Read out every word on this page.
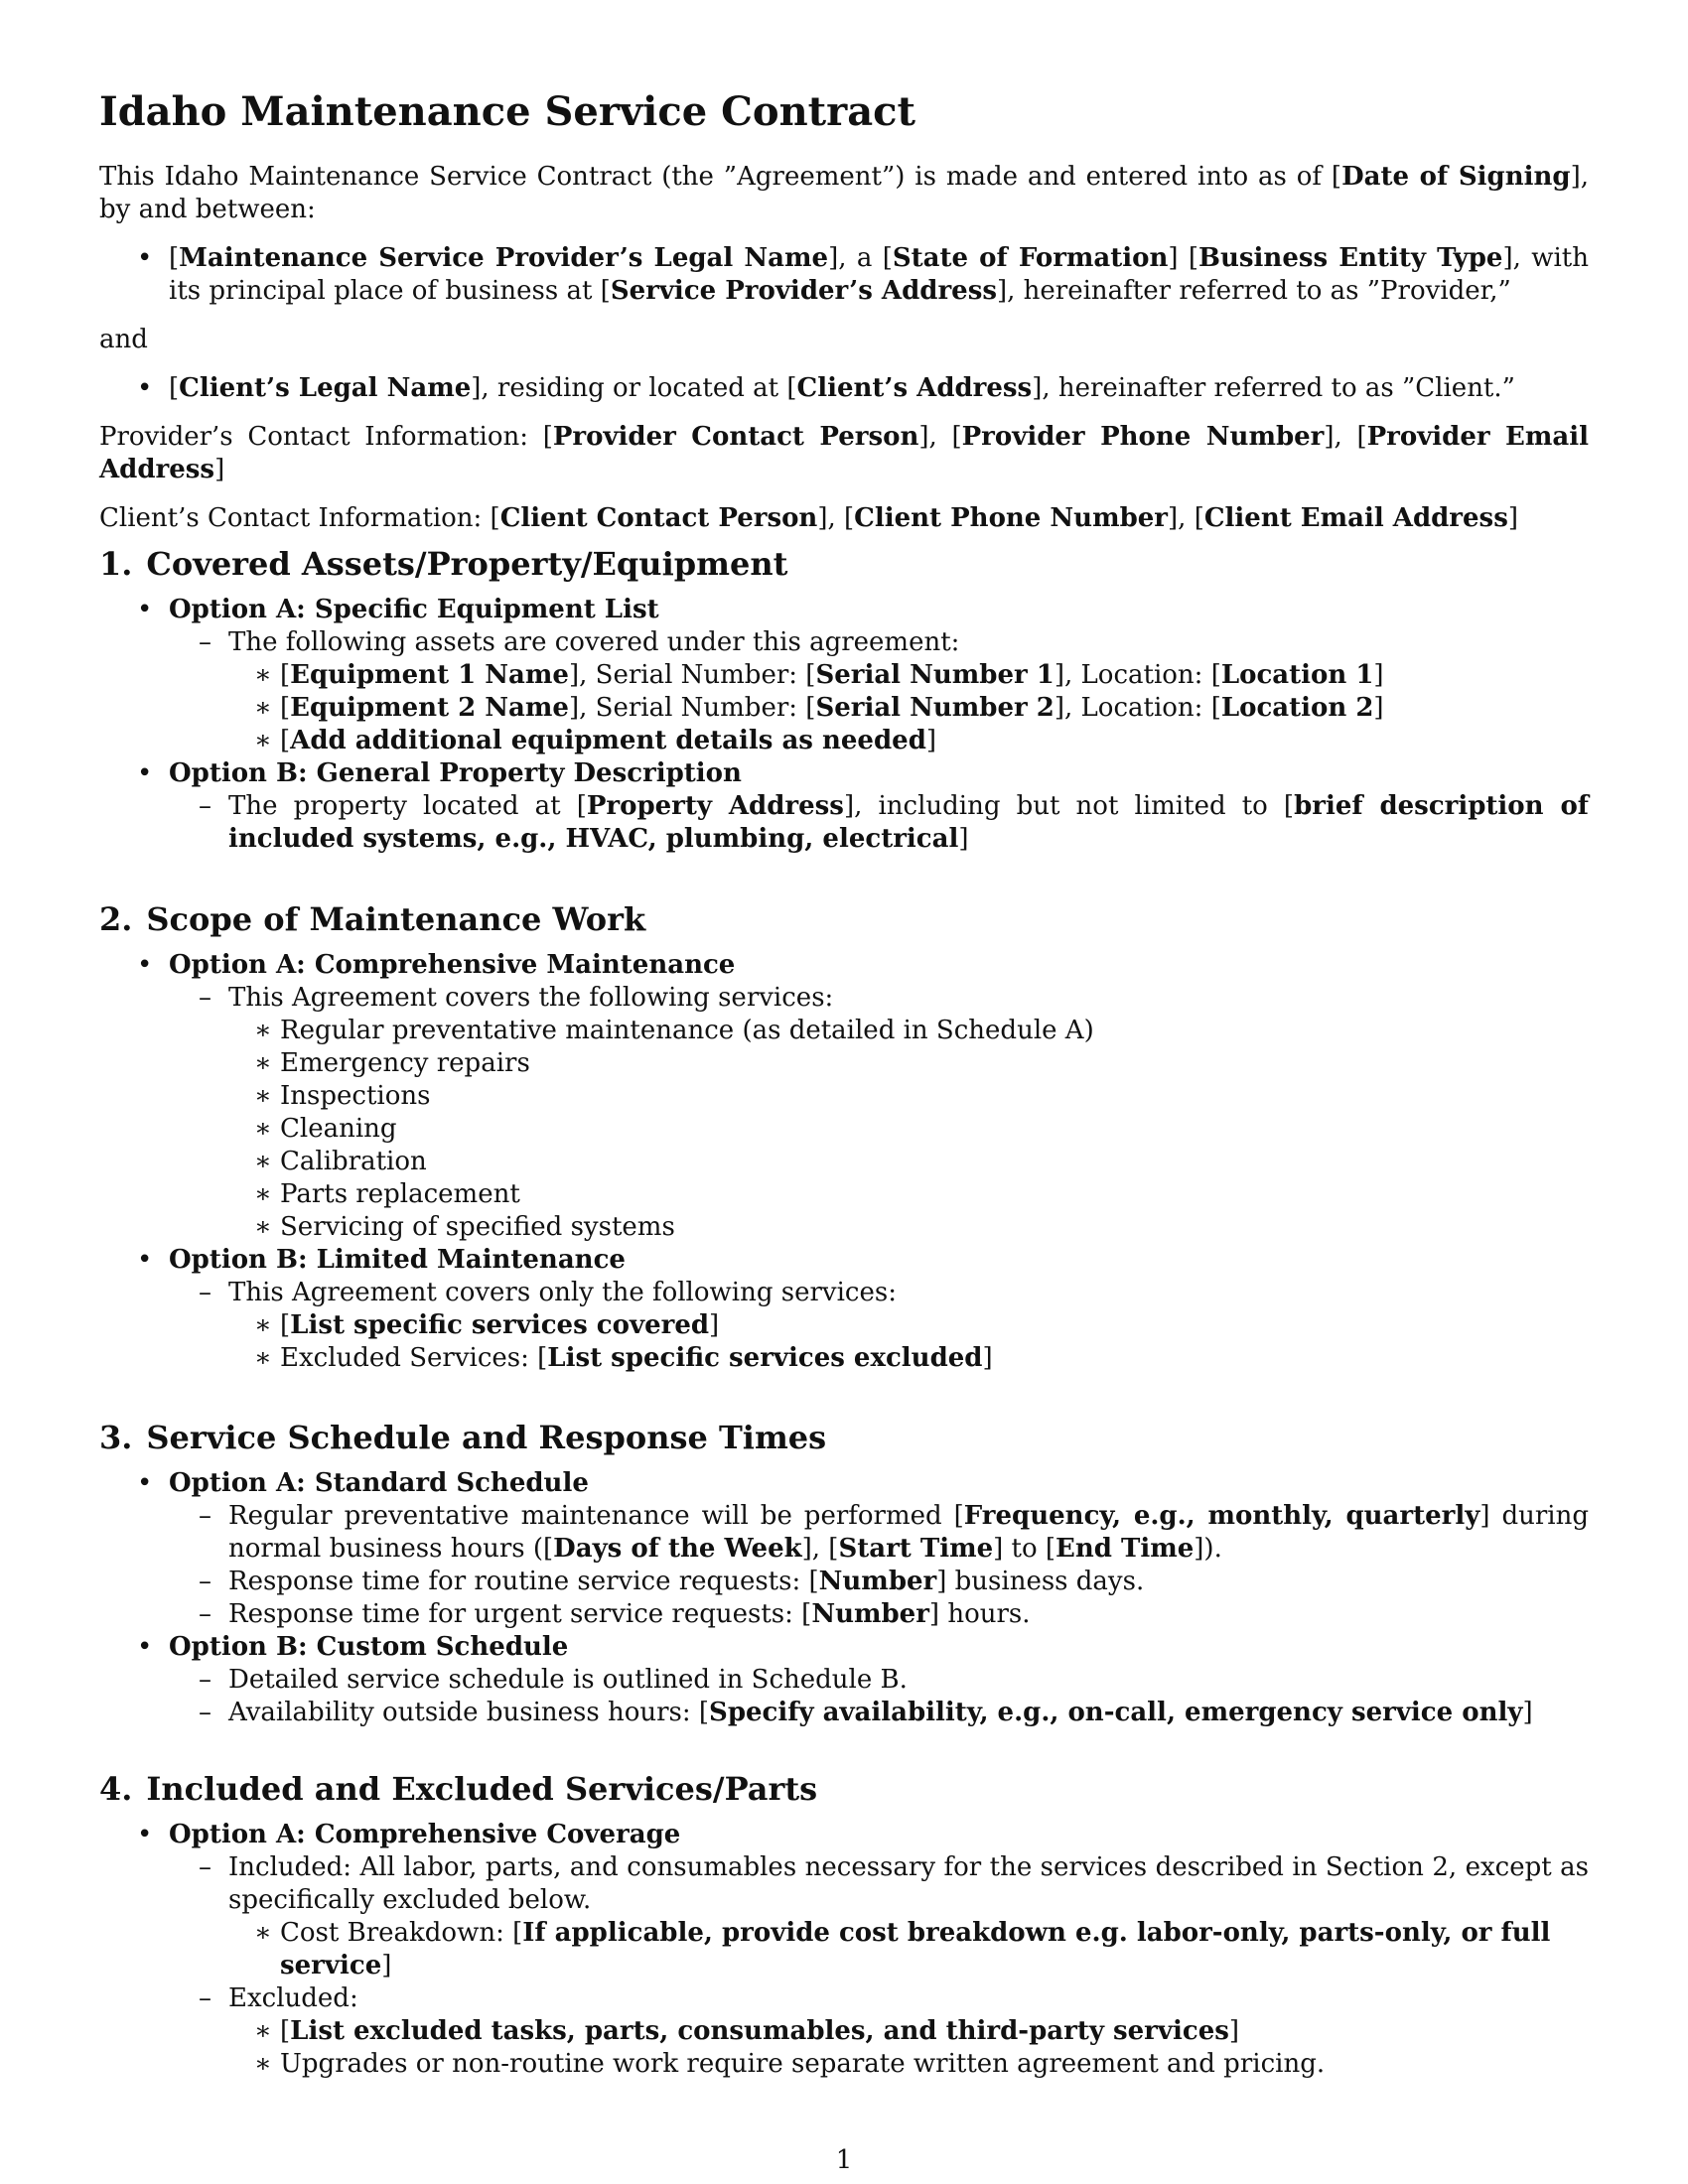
Idaho Maintenance Service Contract

This Idaho Maintenance Service Contract (the ”Agreement”) is made and entered into as of [Date of Signing], by and between:

• [Maintenance Service Provider’s Legal Name], a [State of Formation] [Business Entity Type], with its principal place of business at [Service Provider’s Address], hereinafter referred to as ”Provider,”

and

• [Client’s Legal Name], residing or located at [Client’s Address], hereinafter referred to as ”Client.”

Provider’s Contact Information: [Provider Contact Person], [Provider Phone Number], [Provider Email Address]

Client’s Contact Information: [Client Contact Person], [Client Phone Number], [Client Email Address]

1. Covered Assets/Property/Equipment
• Option A: Specific Equipment List
– The following assets are covered under this agreement:
∗ [Equipment 1 Name], Serial Number: [Serial Number 1], Location: [Location 1]
∗ [Equipment 2 Name], Serial Number: [Serial Number 2], Location: [Location 2]
∗ [Add additional equipment details as needed]
• Option B: General Property Description

– The property located at [Property Address], including but not limited to [brief description of included systems, e.g., HVAC, plumbing, electrical]

2. Scope of Maintenance Work
• Option A: Comprehensive Maintenance
– This Agreement covers the following services:
∗ Regular preventative maintenance (as detailed in Schedule A)
∗ Emergency repairs
∗ Inspections
∗ Cleaning
∗ Calibration
∗ Parts replacement
∗ Servicing of specified systems
• Option B: Limited Maintenance
– This Agreement covers only the following services:
∗ [List specific services covered]
∗ Excluded Services: [List specific services excluded]
3. Service Schedule and Response Times
• Option A: Standard Schedule

– Regular preventative maintenance will be performed [Frequency, e.g., monthly, quarterly] during normal business hours ([Days of the Week], [Start Time] to [End Time]).

– Response time for routine service requests: [Number] business days.
– Response time for urgent service requests: [Number] hours.
• Option B: Custom Schedule
– Detailed service schedule is outlined in Schedule B.
– Availability outside business hours: [Specify availability, e.g., on-call, emergency service only]
4. Included and Excluded Services/Parts
• Option A: Comprehensive Coverage

– Included: All labor, parts, and consumables necessary for the services described in Section 2, except as specifically excluded below.

∗ Cost Breakdown: [If applicable, provide cost breakdown e.g. labor-only, parts-only, or full service]
– Excluded:
∗ [List excluded tasks, parts, consumables, and third-party services]
∗ Upgrades or non-routine work require separate written agreement and pricing.
1
